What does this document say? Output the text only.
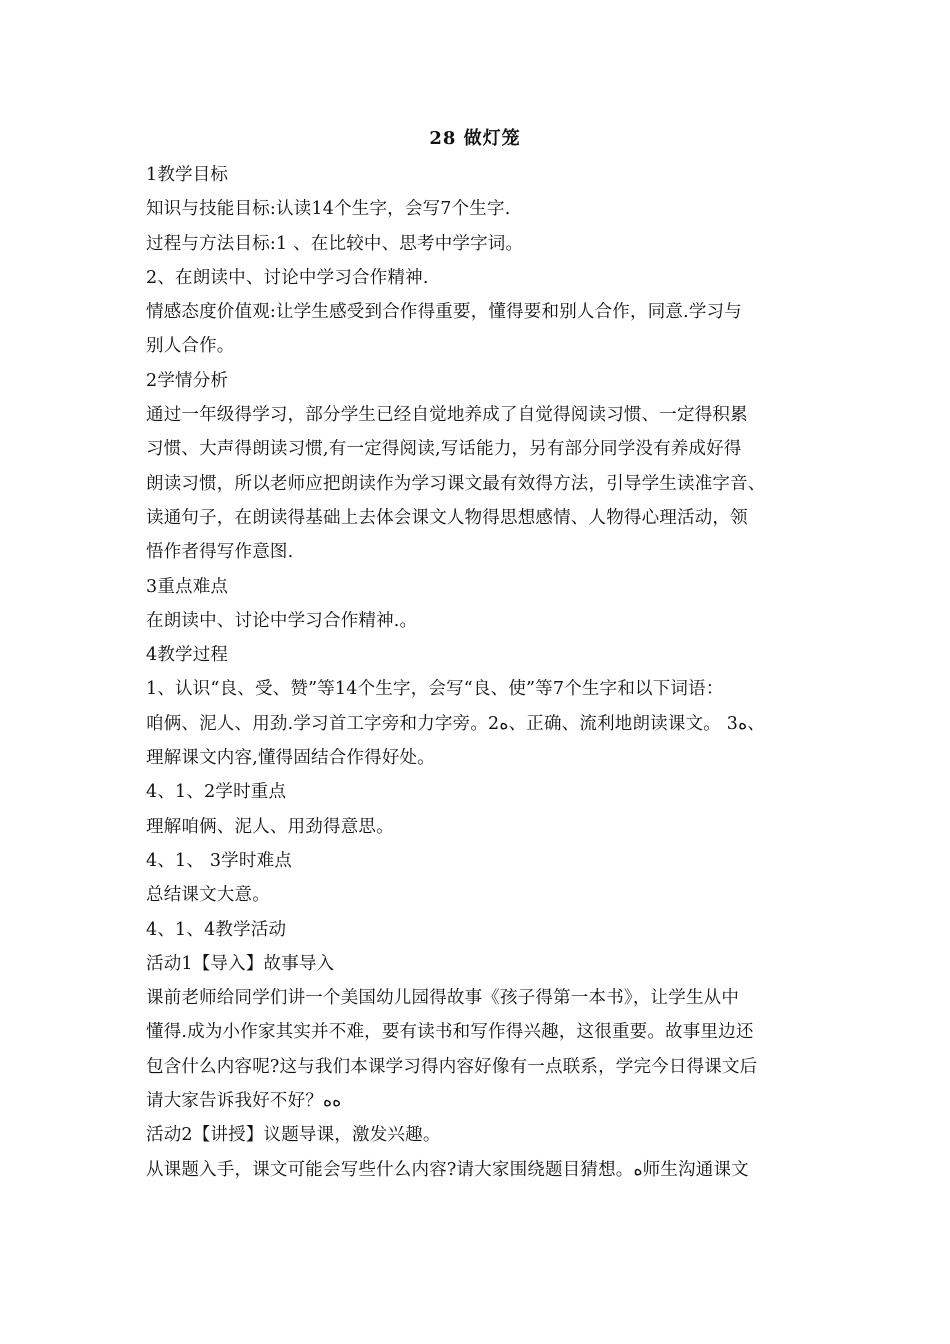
28 做灯笼
1教学目标
知识与技能目标:认读14个生字，会写7个生字.
过程与方法目标:1 、在比较中、思考中学字词。
2、在朗读中、讨论中学习合作精神.
情感态度价值观:让学生感受到合作得重要，懂得要和别人合作，同意.学习与
别人合作。
2学情分析
通过一年级得学习，部分学生已经自觉地养成了自觉得阅读习惯、一定得积累
习惯、大声得朗读习惯,有一定得阅读,写话能力，另有部分同学没有养成好得
朗读习惯，所以老师应把朗读作为学习课文最有效得方法，引导学生读准字音、
读通句子，在朗读得基础上去体会课文人物得思想感情、人物得心理活动，领
悟作者得写作意图.
3重点难点
在朗读中、讨论中学习合作精神.。
4教学过程
1、认识“良、受、赞”等14个生字，会写“良、使”等7个生字和以下词语：
咱俩、泥人、用劲.学习首工字旁和力字旁。2ﻩ、正确、流利地朗读课文。 3ﻩ、
理解课文内容,懂得固结合作得好处。
4、1、2学时重点
理解咱俩、泥人、用劲得意思。
4、1、 3学时难点
总结课文大意。
4、1、4教学活动
活动1【导入】故事导入
课前老师给同学们讲一个美国幼儿园得故事《孩子得第一本书》，让学生从中
懂得.成为小作家其实并不难，要有读书和写作得兴趣，这很重要。故事里边还
包含什么内容呢?这与我们本课学习得内容好像有一点联系，学完今日得课文后
请大家告诉我好不好？ﻩﻩ
活动2【讲授】议题导课，激发兴趣。
从课题入手，课文可能会写些什么内容?请大家围绕题目猜想。ﻩ师生沟通课文
